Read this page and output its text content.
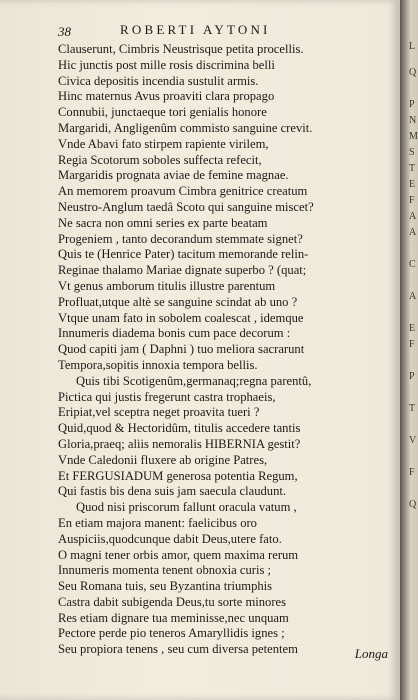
38	ROBERTI AYTONI
Clauserunt, Cimbris Neustrisque petita procellis.
Hic junctis post mille rosis discrimina belli
Civica depositis incendia sustulit armis.
Hinc maternus Avus proaviti clara propago
Connubii, junctaeque tori genialis honore
Margaridi, Angligenûm commisto sanguine crevit.
Vnde Abavi fato stirpem rapiente virilem,
Regia Scotorum soboles suffecta refecit,
Margaridis prognata aviae de femine magnae.
An memorem proavum Cimbra genitrice creatum
Neustro-Anglum taedâ Scoto qui sanguine miscet?
Ne sacra non omni series ex parte beatam
Progeniem , tanto decorandum stemmate signet?
Quis te (Henrice Pater) tacitum memorande relin-
Reginae thalamo Mariae dignate superbo ? (quat;
Vt genus amborum titulis illustre parentum
Profluat,utque altè se sanguine scindat ab uno ?
Vtque unam fato in sobolem coalescat , idemque
Innumeris diadema bonis cum pace decorum :
Quod capiti jam ( Daphni ) tuo meliora sacrarunt
Tempora,sopitis innoxia tempora bellis.
Quis tibi Scotigenûm,germanaq;regna parentû,
Pictica qui justis fregerunt castra trophaeis,
Eripiat,vel sceptra neget proavita tueri ?
Quid,quod & Hectoridûm, titulis accedere tantis
Gloria,praeq; aliis nemoralis HIBERNIA gestit?
Vnde Caledonii fluxere ab origine Patres,
Et FERGUSIADUM generosa potentia Regum,
Qui fastis bis dena suis jam saecula claudunt.
Quod nisi priscorum fallunt oracula vatum ,
En etiam majora manent: faelicibus oro
Auspiciis,quodcunque dabit Deus,utere fato.
O magni tener orbis amor, quem maxima rerum
Innumeris momenta tenent obnoxia curis ;
Seu Romana tuis, seu Byzantina triumphis
Castra dabit subigenda Deus,tu sorte minores
Res etiam dignare tua meminisse,nec unquam
Pectore perde pio teneros Amaryllidis ignes ;
Seu propiora tenens , seu cum diversa petentem	Longa
L
Q
P
N
M
S
T
E
F
A
A
C
A
E
F
P
T
V
F
Q
